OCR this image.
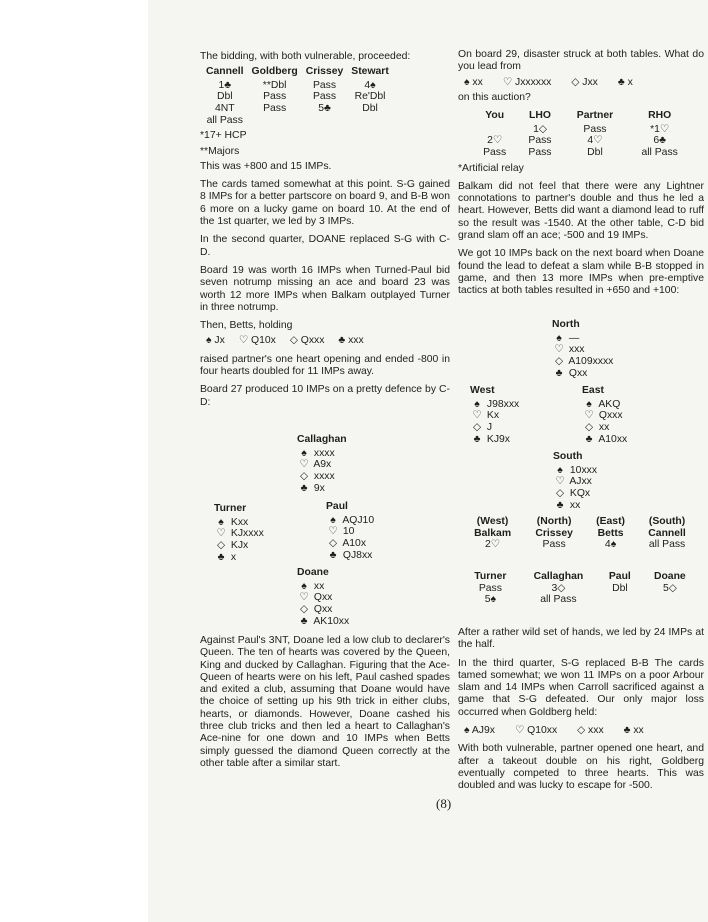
The bidding, with both vulnerable, proceeded:

Cannell	Goldberg	Crissey	Stewart
1♣	**Dbl	Pass	4♠
Dbl	Pass	Pass	Re'Dbl
4NT	Pass	5♣	Dbl
all Pass			

*17+ HCP

**Majors

This was +800 and 15 IMPs.

The cards tamed somewhat at this point. S-G gained 8 IMPs for a better partscore on board 9, and B-B won 6 more on a lucky game on board 10. At the end of the 1st quarter, we led by 3 IMPs.

In the second quarter, DOANE replaced S-G with C-D.

Board 19 was worth 16 IMPs when Turned-Paul bid seven notrump missing an ace and board 23 was worth 12 more IMPs when Balkam outplayed Turner in three notrump.

Then, Betts, holding

♠ Jx ♡ Q10x ◇ Qxxx ♣ xxx

raised partner's one heart opening and ended -800 in four hearts doubled for 11 IMPs away.

Board 27 produced 10 IMPs on a pretty defence by C-D:

Callaghan
♠ xxxx
♡ A9x
◇ xxxx
♣ 9x
Turner
♠ Kxx
♡ KJxxxx
◇ KJx
♣ x
Paul
♠ AQJ10
♡ 10
◇ A10x
♣ QJ8xx
Doane
♠ xx
♡ Qxx
◇ Qxx
♣ AK10xx

Against Paul's 3NT, Doane led a low club to declarer's Queen. The ten of hearts was covered by the Queen, King and ducked by Callaghan. Figuring that the Ace-Queen of hearts were on his left, Paul cashed spades and exited a club, assuming that Doane would have the choice of setting up his 9th trick in either clubs, hearts, or diamonds. However, Doane cashed his three club tricks and then led a heart to Callaghan's Ace-nine for one down and 10 IMPs when Betts simply guessed the diamond Queen correctly at the other table after a similar start.

On board 29, disaster struck at both tables. What do you lead from

♠ xx ♡ Jxxxxxx ◇ Jxx ♣ x

on this auction?

You	LHO	Partner	RHO
	1◇	Pass	*1♡
2♡	Pass	4♡	6♣
Pass	Pass	Dbl	all Pass

*Artificial relay

Balkam did not feel that there were any Lightner connotations to partner's double and thus he led a heart. However, Betts did want a diamond lead to ruff so the result was -1540. At the other table, C-D bid grand slam off an ace; -500 and 19 IMPs.

We got 10 IMPs back on the next board when Doane found the lead to defeat a slam while B-B stopped in game, and then 13 more IMPs when pre-emptive tactics at both tables resulted in +650 and +100:

North
♠ —
♡ xxx
◇ A109xxxx
♣ Qxx
West
♠ J98xxx
♡ Kx
◇ J
♣ KJ9x
East
♠ AKQ
♡ Qxxx
◇ xx
♣ A10xx
South
♠ 10xxx
♡ AJxx
◇ KQx
♣ xx
(West)	(North)	(East)	(South)
Balkam	Crissey	Betts	Cannell
2♡	Pass	4♠	all Pass
Turner	Callaghan	Paul	Doane
Pass	3◇	Dbl	5◇
5♠	all Pass		

After a rather wild set of hands, we led by 24 IMPs at the half.

In the third quarter, S-G replaced B-B The cards tamed somewhat; we won 11 IMPs on a poor Arbour slam and 14 IMPs when Carroll sacrificed against a game that S-G defeated. Our only major loss occurred when Goldberg held:

♠ AJ9x ♡ Q10xx ◇ xxx ♣ xx

With both vulnerable, partner opened one heart, and after a takeout double on his right, Goldberg eventually competed to three hearts. This was doubled and was lucky to escape for -500.

(8)
